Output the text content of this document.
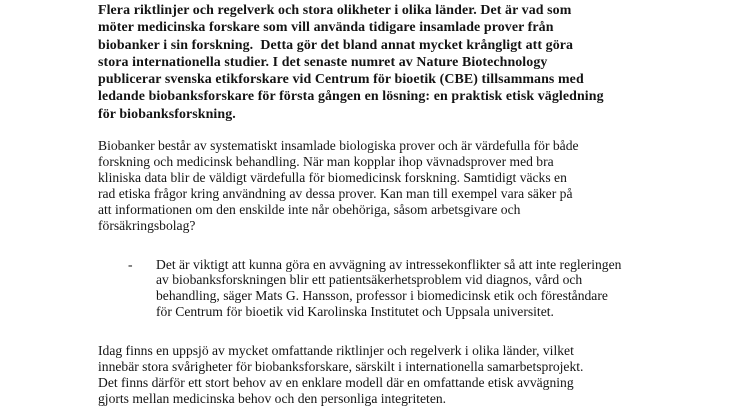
Flera riktlinjer och regelverk och stora olikheter i olika länder. Det är vad som
möter medicinska forskare som vill använda tidigare insamlade prover från
biobanker i sin forskning.  Detta gör det bland annat mycket krångligt att göra
stora internationella studier. I det senaste numret av Nature Biotechnology
publicerar svenska etikforskare vid Centrum för bioetik (CBE) tillsammans med
ledande biobanksforskare för första gången en lösning: en praktisk etisk vägledning
för biobanksforskning.
Biobanker består av systematiskt insamlade biologiska prover och är värdefulla för både
forskning och medicinsk behandling. När man kopplar ihop vävnadsprover med bra
kliniska data blir de väldigt värdefulla för biomedicinsk forskning. Samtidigt väcks en
rad etiska frågor kring användning av dessa prover. Kan man till exempel vara säker på
att informationen om den enskilde inte når obehöriga, såsom arbetsgivare och
försäkringsbolag?
-	Det är viktigt att kunna göra en avvägning av intressekonflikter så att inte regleringen
av biobanksforskningen blir ett patientsäkerhetsproblem vid diagnos, vård och
behandling, säger Mats G. Hansson, professor i biomedicinsk etik och föreståndare
för Centrum för bioetik vid Karolinska Institutet och Uppsala universitet.
Idag finns en uppsjö av mycket omfattande riktlinjer och regelverk i olika länder, vilket
innebär stora svårigheter för biobanksforskare, särskilt i internationella samarbetsprojekt.
Det finns därför ett stort behov av en enklare modell där en omfattande etisk avvägning
gjorts mellan medicinska behov och den personliga integriteten.
